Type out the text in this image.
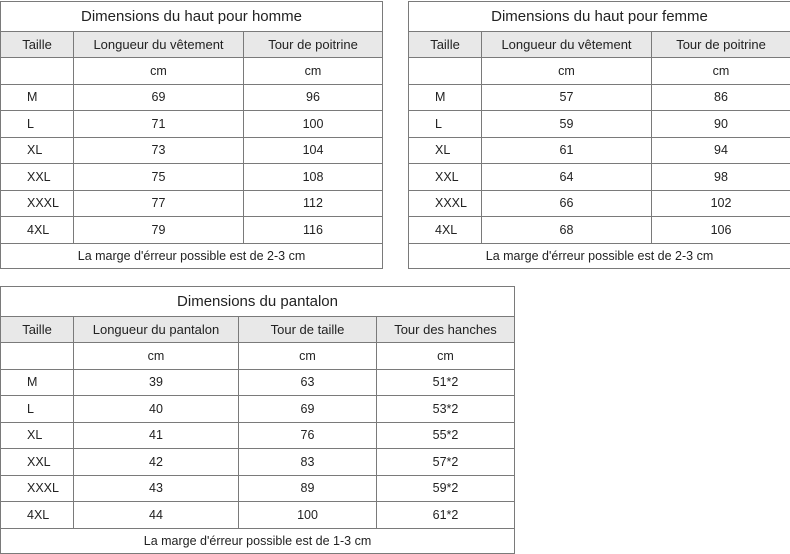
Dimensions du haut pour homme		
Taille	Longueur du vêtement	Tour de poitrine
	cm	cm
M	69	96
L	71	100
XL	73	104
XXL	75	108
XXXL	77	112
4XL	79	116
La marge d'érreur possible est de 2-3 cm		
Dimensions du haut pour femme		
Taille	Longueur du vêtement	Tour de poitrine
	cm	cm
M	57	86
L	59	90
XL	61	94
XXL	64	98
XXXL	66	102
4XL	68	106
La marge d'érreur possible est de 2-3 cm		
Dimensions du pantalon			
Taille	Longueur du pantalon	Tour de taille	Tour des hanches
	cm	cm	cm
M	39	63	51*2
L	40	69	53*2
XL	41	76	55*2
XXL	42	83	57*2
XXXL	43	89	59*2
4XL	44	100	61*2
La marge d'érreur possible est de 1-3 cm			
